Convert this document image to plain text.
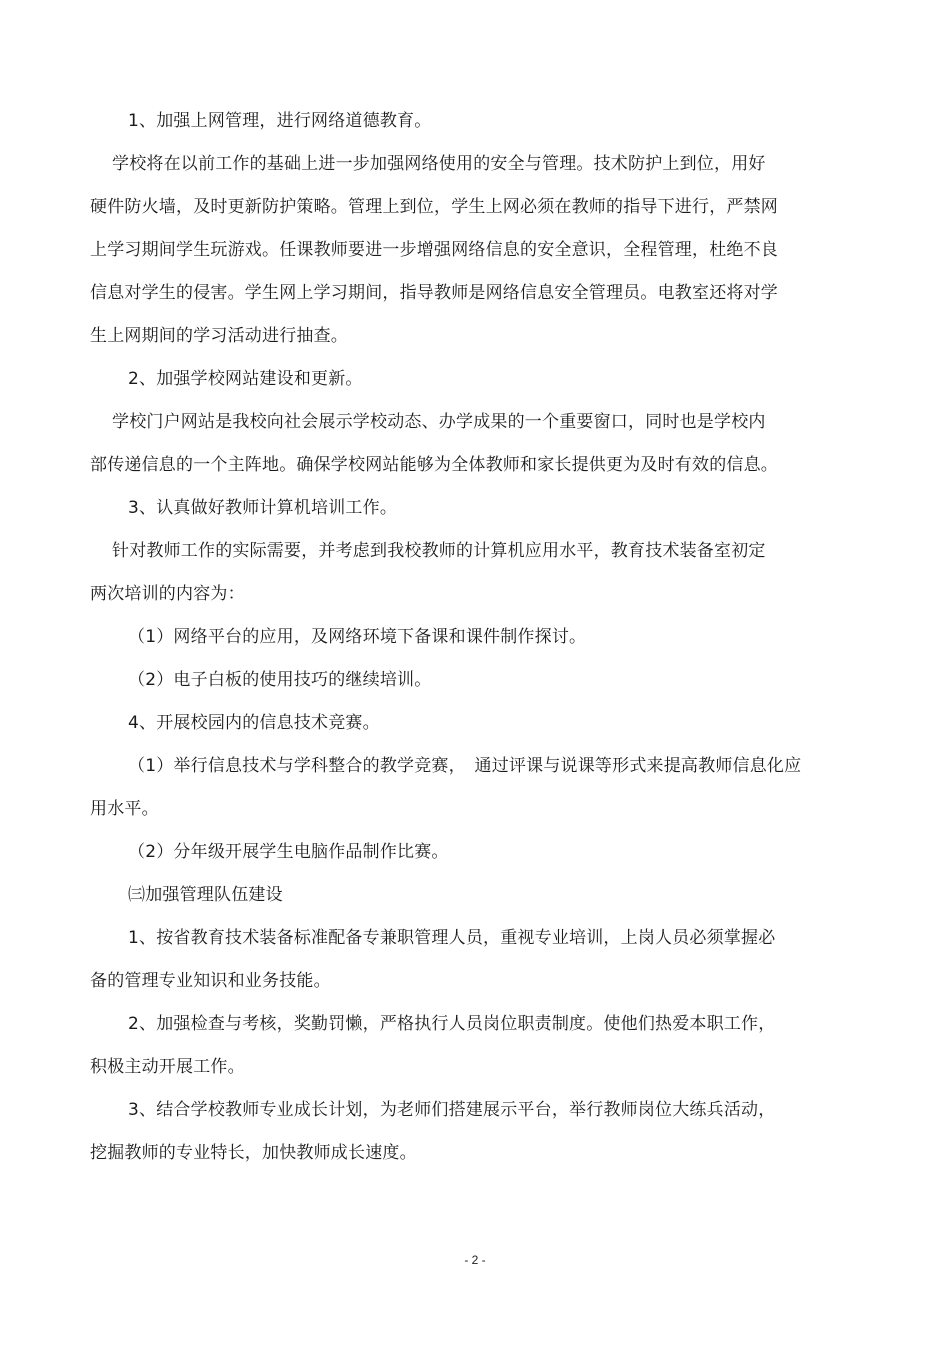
1、加强上网管理，进行网络道德教育。
学校将在以前工作的基础上进一步加强网络使用的安全与管理。技术防护上到位，用好
硬件防火墙，及时更新防护策略。管理上到位，学生上网必须在教师的指导下进行，严禁网
上学习期间学生玩游戏。任课教师要进一步增强网络信息的安全意识，全程管理，杜绝不良
信息对学生的侵害。学生网上学习期间，指导教师是网络信息安全管理员。电教室还将对学
生上网期间的学习活动进行抽查。
2、加强学校网站建设和更新。
学校门户网站是我校向社会展示学校动态、办学成果的一个重要窗口，同时也是学校内
部传递信息的一个主阵地。确保学校网站能够为全体教师和家长提供更为及时有效的信息。
3、认真做好教师计算机培训工作。
针对教师工作的实际需要，并考虑到我校教师的计算机应用水平，教育技术装备室初定
两次培训的内容为：
（1）网络平台的应用，及网络环境下备课和课件制作探讨。
（2）电子白板的使用技巧的继续培训。
4、开展校园内的信息技术竞赛。
（1）举行信息技术与学科整合的教学竞赛，　通过评课与说课等形式来提高教师信息化应
用水平。
（2）分年级开展学生电脑作品制作比赛。
㈢加强管理队伍建设
1、按省教育技术装备标准配备专兼职管理人员，重视专业培训，上岗人员必须掌握必
备的管理专业知识和业务技能。
2、加强检查与考核，奖勤罚懒，严格执行人员岗位职责制度。使他们热爱本职工作，
积极主动开展工作。
3、结合学校教师专业成长计划，为老师们搭建展示平台，举行教师岗位大练兵活动，
挖掘教师的专业特长，加快教师成长速度。
- 2 -
